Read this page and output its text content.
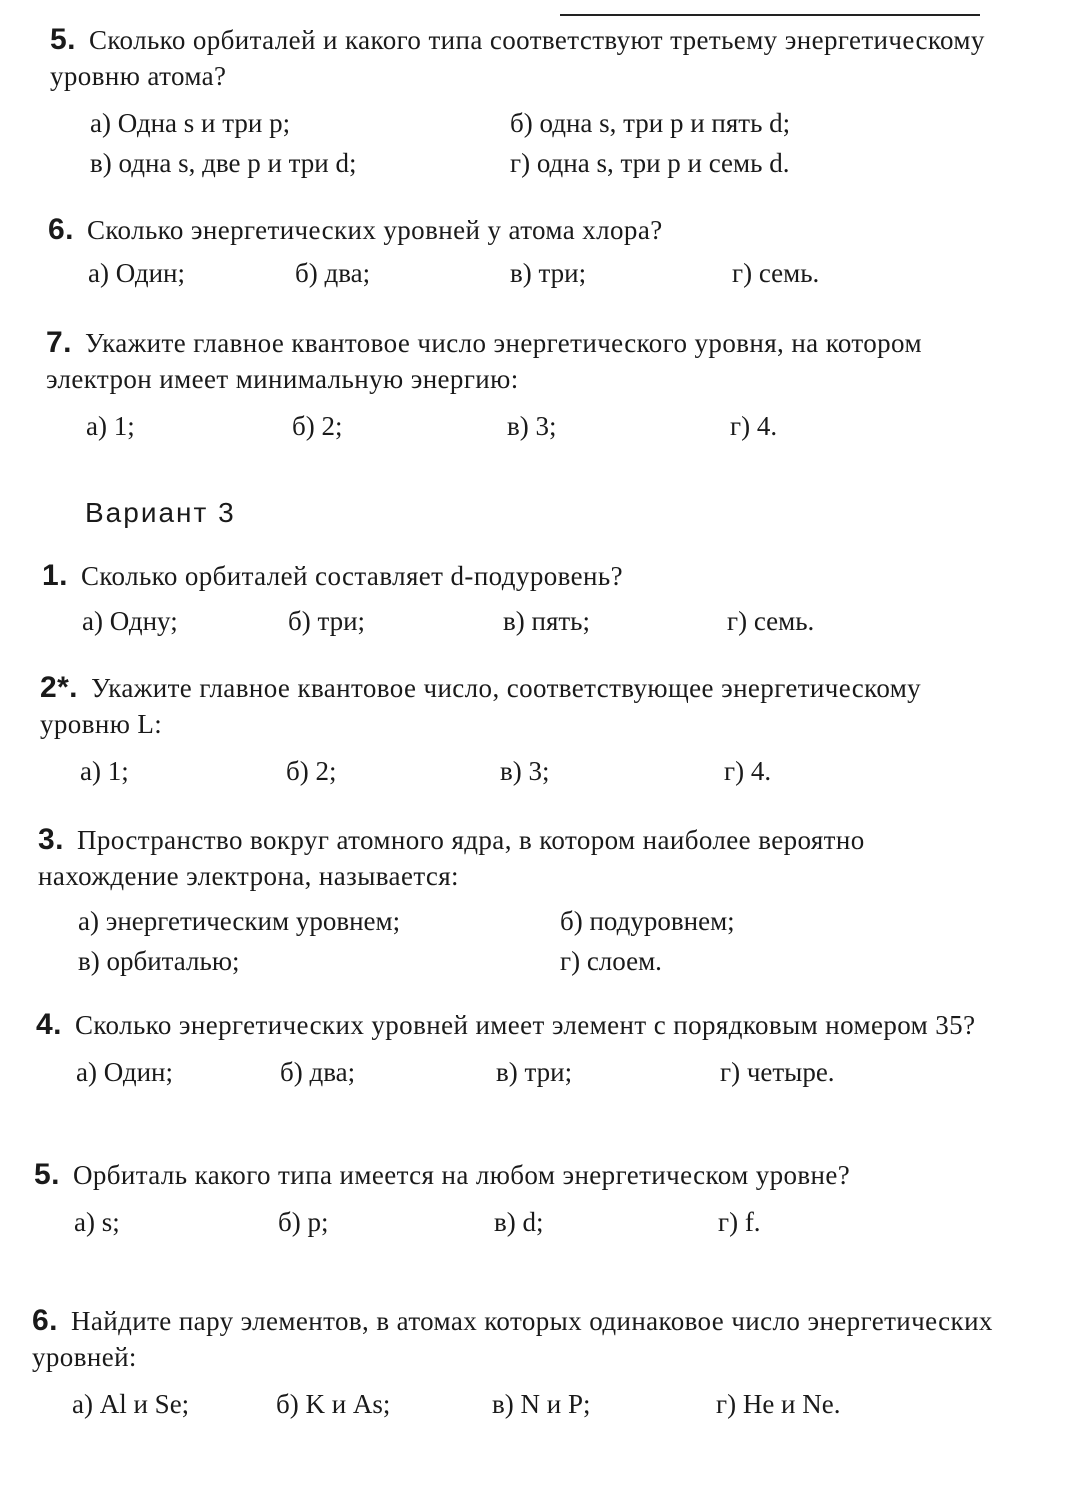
5. Сколько орбиталей и какого типа соответствуют третьему энергетическому уровню атома?
а) Одна s и три p;	б) одна s, три p и пять d;
в) одна s, две p и три d;	г) одна s, три p и семь d.
6. Сколько энергетических уровней у атома хлора?
а) Один;	б) два;	в) три;	г) семь.
7. Укажите главное квантовое число энергетического уровня, на котором электрон имеет минимальную энергию:
а) 1;	б) 2;	в) 3;	г) 4.
Вариант 3
1. Сколько орбиталей составляет d-подуровень?
а) Одну;	б) три;	в) пять;	г) семь.
2*. Укажите главное квантовое число, соответствующее энергетическому уровню L:
а) 1;	б) 2;	в) 3;	г) 4.
3. Пространство вокруг атомного ядра, в котором наиболее вероятно нахождение электрона, называется:
а) энергетическим уровнем;	б) подуровнем;
в) орбиталью;	г) слоем.
4. Сколько энергетических уровней имеет элемент с порядковым номером 35?
а) Один;	б) два;	в) три;	г) четыре.
5. Орбиталь какого типа имеется на любом энергетическом уровне?
а) s;	б) p;	в) d;	г) f.
6. Найдите пару элементов, в атомах которых одинаковое число энергетических уровней:
а) Al и Se;	б) K и As;	в) N и P;	г) He и Ne.
